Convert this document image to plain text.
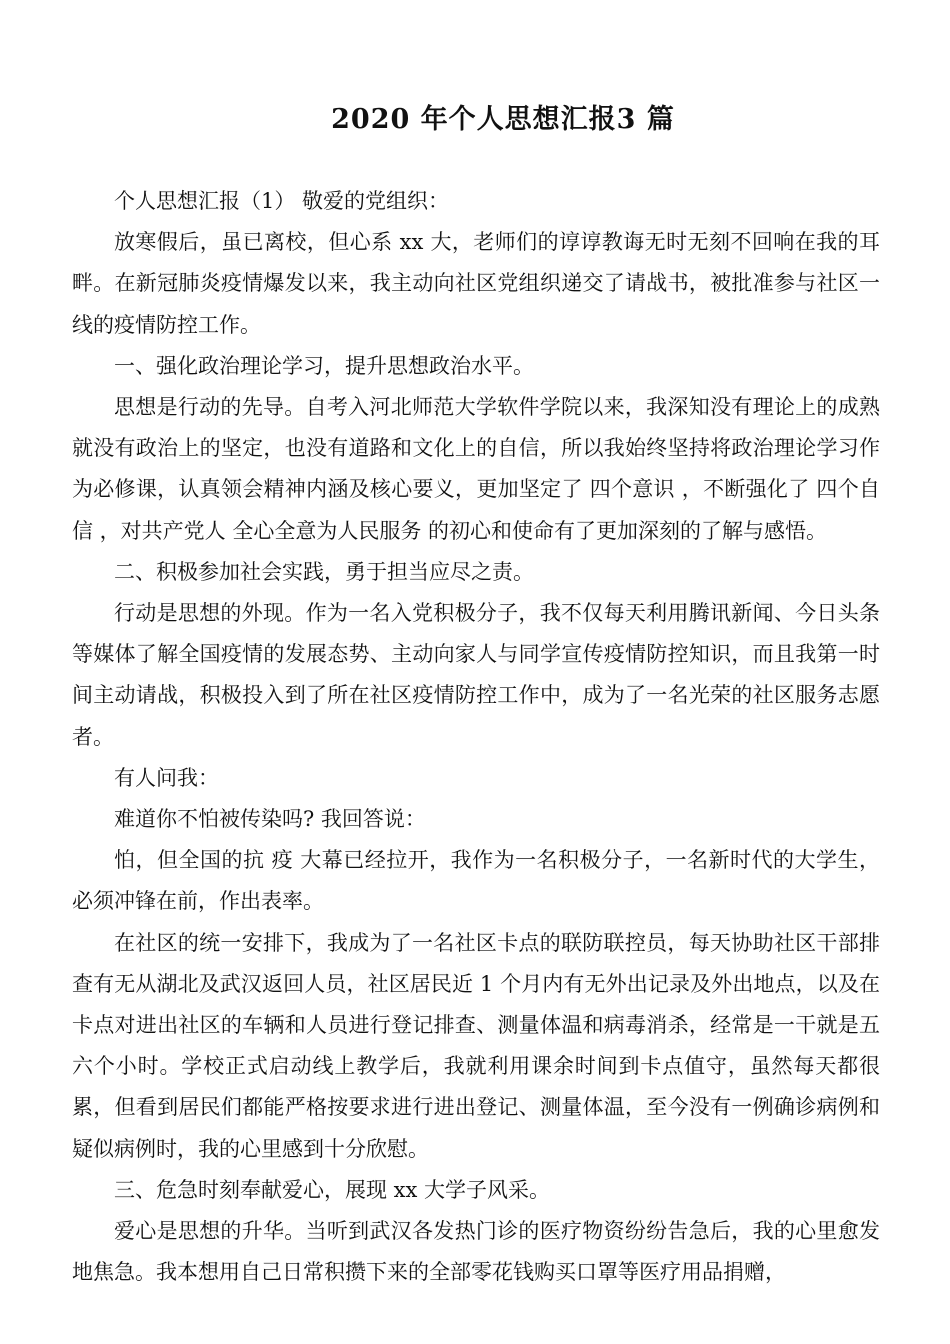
2020 年个人思想汇报3 篇

个人思想汇报（1） 敬爱的党组织：

放寒假后，虽已离校，但心系 xx 大，老师们的谆谆教诲无时无刻不回响在我的耳畔。在新冠肺炎疫情爆发以来，我主动向社区党组织递交了请战书，被批准参与社区一线的疫情防控工作。

一、强化政治理论学习，提升思想政治水平。

思想是行动的先导。自考入河北师范大学软件学院以来，我深知没有理论上的成熟就没有政治上的坚定，也没有道路和文化上的自信，所以我始终坚持将政治理论学习作为必修课，认真领会精神内涵及核心要义，更加坚定了 四个意识 ，不断强化了 四个自信 ，对共产党人 全心全意为人民服务 的初心和使命有了更加深刻的了解与感悟。

二、积极参加社会实践，勇于担当应尽之责。

行动是思想的外现。作为一名入党积极分子，我不仅每天利用腾讯新闻、今日头条等媒体了解全国疫情的发展态势、主动向家人与同学宣传疫情防控知识，而且我第一时间主动请战，积极投入到了所在社区疫情防控工作中，成为了一名光荣的社区服务志愿者。

有人问我：

难道你不怕被传染吗? 我回答说：

怕，但全国的抗 疫 大幕已经拉开，我作为一名积极分子，一名新时代的大学生，必须冲锋在前，作出表率。

在社区的统一安排下，我成为了一名社区卡点的联防联控员，每天协助社区干部排查有无从湖北及武汉返回人员，社区居民近 1 个月内有无外出记录及外出地点，以及在卡点对进出社区的车辆和人员进行登记排查、测量体温和病毒消杀，经常是一干就是五六个小时。学校正式启动线上教学后，我就利用课余时间到卡点值守，虽然每天都很累，但看到居民们都能严格按要求进行进出登记、测量体温，至今没有一例确诊病例和疑似病例时，我的心里感到十分欣慰。

三、危急时刻奉献爱心，展现 xx 大学子风采。

爱心是思想的升华。当听到武汉各发热门诊的医疗物资纷纷告急后，我的心里愈发地焦急。我本想用自己日常积攒下来的全部零花钱购买口罩等医疗用品捐赠，
